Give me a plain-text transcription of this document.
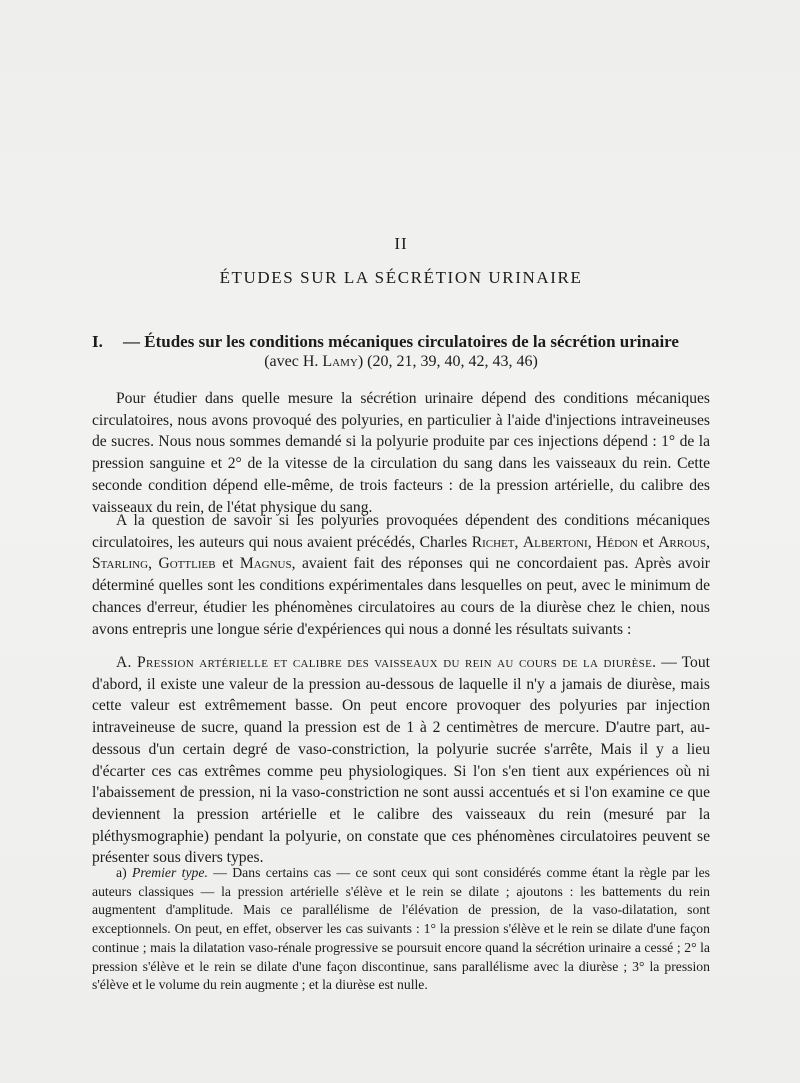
II
ÉTUDES SUR LA SÉCRÉTION URINAIRE
I. — Études sur les conditions mécaniques circulatoires de la sécrétion urinaire
(avec H. Lamy) (20, 21, 39, 40, 42, 43, 46)

Pour étudier dans quelle mesure la sécrétion urinaire dépend des conditions mécaniques circulatoires, nous avons provoqué des polyuries, en particulier à l'aide d'injections intraveineuses de sucres. Nous nous sommes demandé si la polyurie produite par ces injections dépend : 1° de la pression sanguine et 2° de la vitesse de la circulation du sang dans les vaisseaux du rein. Cette seconde condition dépend elle-même, de trois facteurs : de la pression artérielle, du calibre des vaisseaux du rein, de l'état physique du sang.

A la question de savoir si les polyuries provoquées dépendent des conditions mécaniques circulatoires, les auteurs qui nous avaient précédés, Charles Richet, Albertoni, Hédon et Arrous, Starling, Gottlieb et Magnus, avaient fait des réponses qui ne concordaient pas. Après avoir déterminé quelles sont les conditions expérimentales dans lesquelles on peut, avec le minimum de chances d'erreur, étudier les phénomènes circulatoires au cours de la diurèse chez le chien, nous avons entrepris une longue série d'expériences qui nous a donné les résultats suivants :

A. Pression artérielle et calibre des vaisseaux du rein au cours de la diurèse. — Tout d'abord, il existe une valeur de la pression au-dessous de laquelle il n'y a jamais de diurèse, mais cette valeur est extrêmement basse. On peut encore provoquer des polyuries par injection intraveineuse de sucre, quand la pression est de 1 à 2 centimètres de mercure. D'autre part, au-dessous d'un certain degré de vaso-constriction, la polyurie sucrée s'arrête, Mais il y a lieu d'écarter ces cas extrêmes comme peu physiologiques. Si l'on s'en tient aux expériences où ni l'abaissement de pression, ni la vaso-constriction ne sont aussi accentués et si l'on examine ce que deviennent la pression artérielle et le calibre des vaisseaux du rein (mesuré par la pléthysmographie) pendant la polyurie, on constate que ces phénomènes circulatoires peuvent se présenter sous divers types.

a) Premier type. — Dans certains cas — ce sont ceux qui sont considérés comme étant la règle par les auteurs classiques — la pression artérielle s'élève et le rein se dilate ; ajoutons : les battements du rein augmentent d'amplitude. Mais ce parallélisme de l'élévation de pression, de la vaso-dilatation, sont exceptionnels. On peut, en effet, observer les cas suivants : 1° la pression s'élève et le rein se dilate d'une façon continue ; mais la dilatation vaso-rénale progressive se poursuit encore quand la sécrétion urinaire a cessé ; 2° la pression s'élève et le rein se dilate d'une façon discontinue, sans parallélisme avec la diurèse ; 3° la pression s'élève et le volume du rein augmente ; et la diurèse est nulle.
